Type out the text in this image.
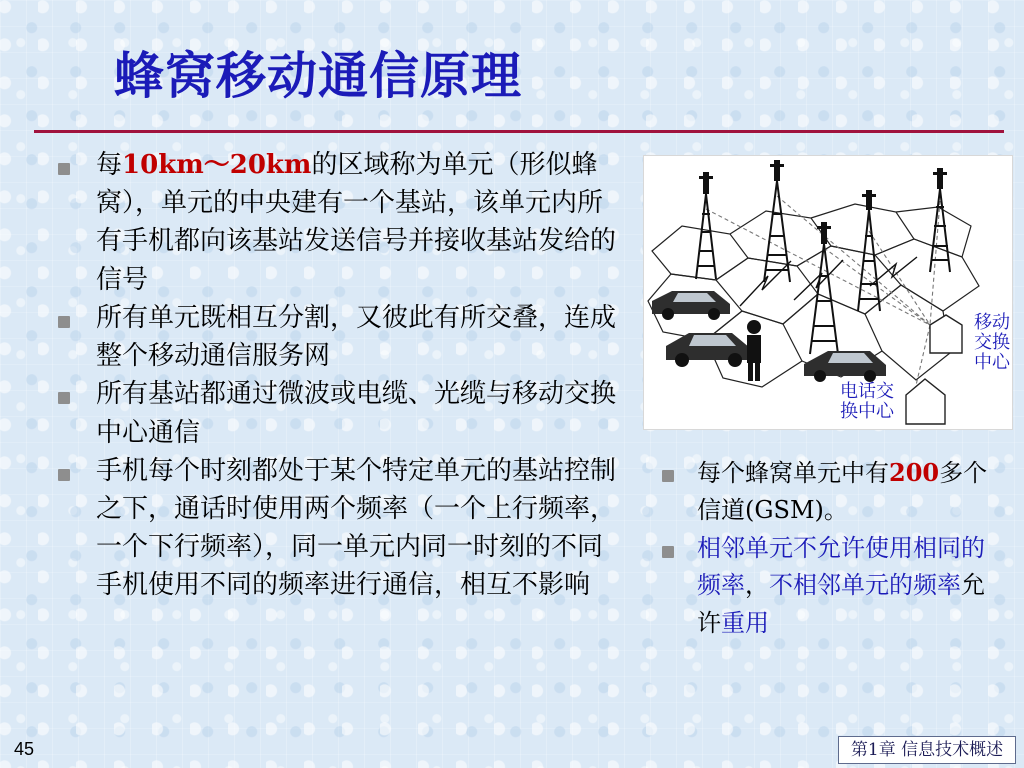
蜂窝移动通信原理
每10km～20km的区域称为单元（形似蜂窝），单元的中央建有一个基站，该单元内所有手机都向该基站发送信号并接收基站发给的信号
所有单元既相互分割，又彼此有所交叠，连成整个移动通信服务网
所有基站都通过微波或电缆、光缆与移动交换中心通信
手机每个时刻都处于某个特定单元的基站控制之下，通话时使用两个频率（一个上行频率，一个下行频率），同一单元内同一时刻的不同手机使用不同的频率进行通信，相互不影响
移动
交换
中心
电话交
换中心
每个蜂窝单元中有200多个信道(GSM)。
相邻单元不允许使用相同的频率，不相邻单元的频率允许重用
45	第1章 信息技术概述
